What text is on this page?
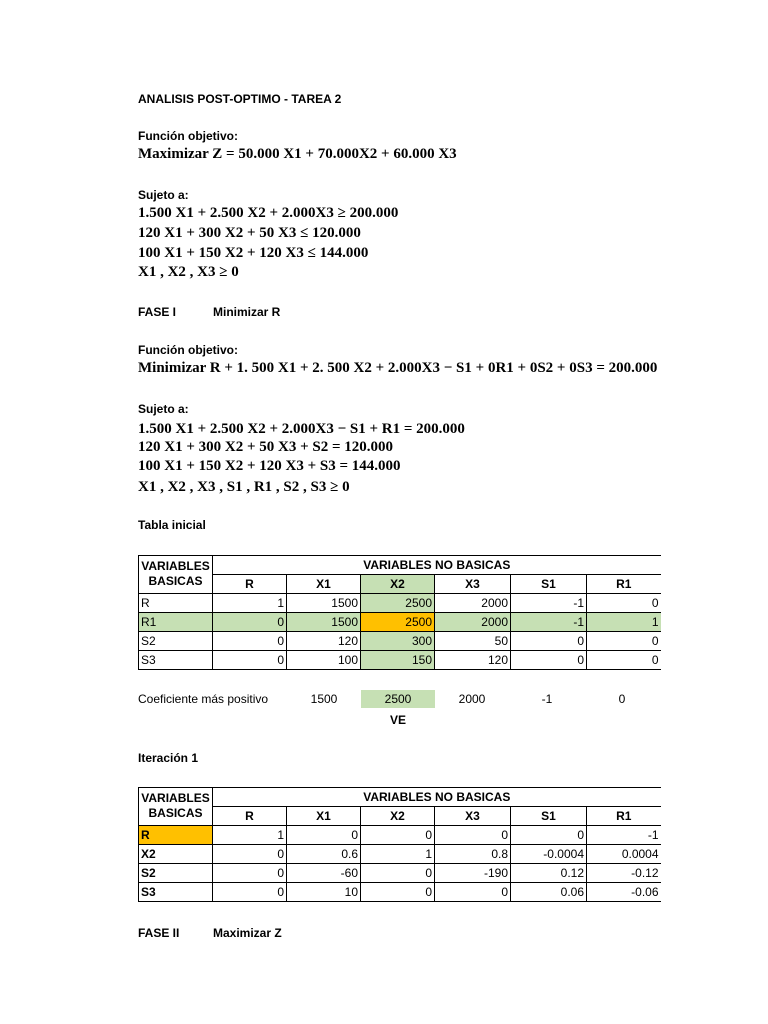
ANALISIS POST-OPTIMO - TAREA 2
Función objetivo:
Maximizar Z = 50.000 X1 + 70.000X2 + 60.000 X3
Sujeto a:
1.500 X1 + 2.500 X2 + 2.000X3 ≥ 200.000
120 X1 + 300 X2 + 50 X3 ≤ 120.000
100 X1 + 150 X2 + 120 X3 ≤ 144.000
X1 , X2 , X3 ≥ 0
FASE I	Minimizar R
Función objetivo:
Minimizar R + 1. 500 X1 + 2. 500 X2 + 2.000X3 − S1 + 0R1 + 0S2 + 0S3 = 200.000
Sujeto a:
1.500 X1 + 2.500 X2 + 2.000X3 − S1 + R1 = 200.000
120 X1 + 300 X2 + 50 X3 + S2 = 120.000
100 X1 + 150 X2 + 120 X3 + S3 = 144.000
X1 , X2 , X3 , S1 , R1 , S2 , S3 ≥ 0
Tabla inicial
VARIABLES
BASICAS	VARIABLES NO BASICAS					
	R	X1	X2	X3	S1	R1
R	1	1500	2500	2000	-1	0
R1	0	1500	2500	2000	-1	1
S2	0	120	300	50	0	0
S3	0	100	150	120	0	0
Coeficiente más positivo	1500	2500	2000	-1	0
VE
Iteración 1
VARIABLES
BASICAS	VARIABLES NO BASICAS					
	R	X1	X2	X3	S1	R1
R	1	0	0	0	0	-1
X2	0	0.6	1	0.8	-0.0004	0.0004
S2	0	-60	0	-190	0.12	-0.12
S3	0	10	0	0	0.06	-0.06
FASE II	Maximizar Z
